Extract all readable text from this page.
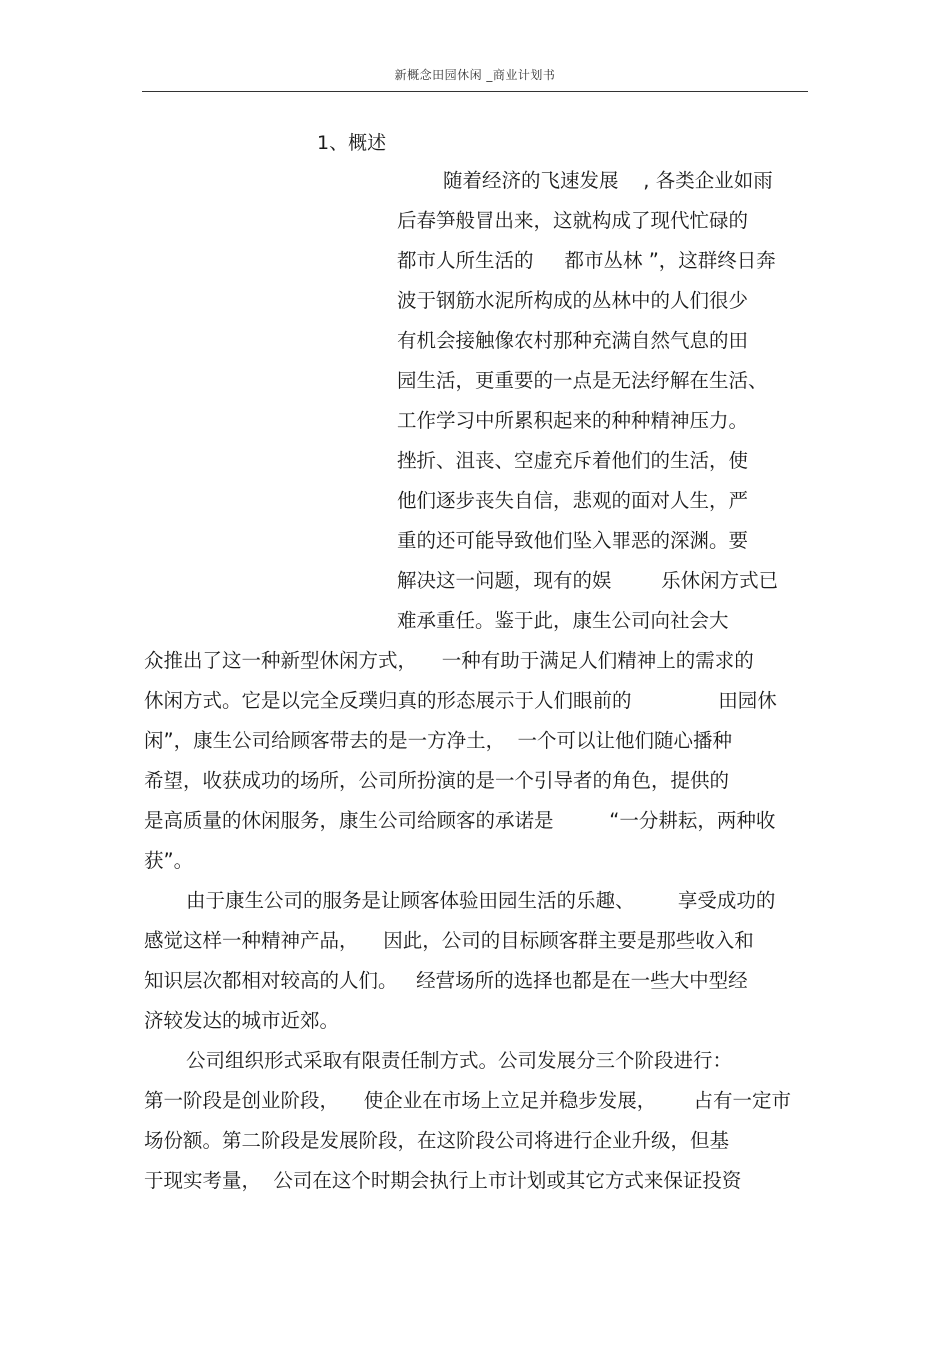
新概念田园休闲 _商业计划书
1、概述
随着经济的飞速发展    , 各类企业如雨
后春笋般冒出来，这就构成了现代忙碌的
都市人所生活的     都市丛林 ”，这群终日奔
波于钢筋水泥所构成的丛林中的人们很少
有机会接触像农村那种充满自然气息的田
园生活，更重要的一点是无法纾解在生活、
工作学习中所累积起来的种种精神压力。
挫折、沮丧、空虚充斥着他们的生活，使
他们逐步丧失自信，悲观的面对人生，严
重的还可能导致他们坠入罪恶的深渊。要
解决这一问题，现有的娱        乐休闲方式已
难承重任。鉴于此，康生公司向社会大
众推出了这一种新型休闲方式，    一种有助于满足人们精神上的需求的
休闲方式。它是以完全反璞归真的形态展示于人们眼前的              田园休
闲”，康生公司给顾客带去的是一方净土，  一个可以让他们随心播种
希望，收获成功的场所，公司所扮演的是一个引导者的角色，提供的
是高质量的休闲服务，康生公司给顾客的承诺是         “一分耕耘，两种收
获”。
由于康生公司的服务是让顾客体验田园生活的乐趣、       享受成功的
感觉这样一种精神产品，    因此，公司的目标顾客群主要是那些收入和
知识层次都相对较高的人们。   经营场所的选择也都是在一些大中型经
济较发达的城市近郊。
公司组织形式采取有限责任制方式。公司发展分三个阶段进行：
第一阶段是创业阶段，    使企业在市场上立足并稳步发展，      占有一定市
场份额。第二阶段是发展阶段，在这阶段公司将进行企业升级，但基
于现实考量，  公司在这个时期会执行上市计划或其它方式来保证投资
